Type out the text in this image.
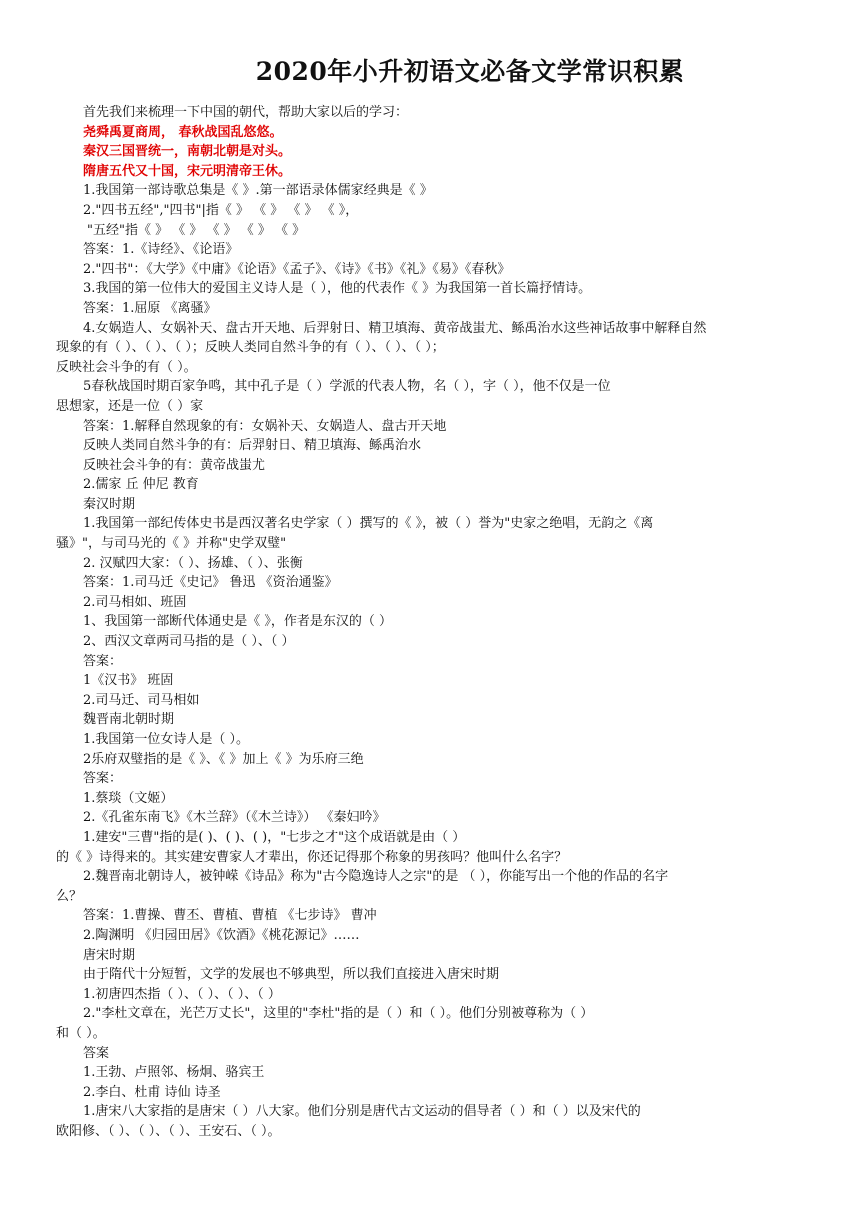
2020年小升初语文必备文学常识积累
首先我们来梳理一下中国的朝代，帮助大家以后的学习：
尧舜禹夏商周， 春秋战国乱悠悠。
秦汉三国晋统一，南朝北朝是对头。
隋唐五代又十国，宋元明清帝王休。
1.我国第一部诗歌总集是《 》.第一部语录体儒家经典是《 》
2."四书五经","四书"|指《 》 《 》 《 》 《 》，
"五经"指《 》 《 》 《 》 《 》 《 》
答案：1.《诗经》、《论语》
2."四书"：《大学》《中庸》《论语》《孟子》、《诗》《书》《礼》《易》《春秋》
3.我国的第一位伟大的爱国主义诗人是（ ），他的代表作《 》为我国第一首长篇抒情诗。
答案：1.屈原 《离骚》
4.女娲造人、女娲补天、盘古开天地、后羿射日、精卫填海、黄帝战蚩尤、鲧禹治水这些神话故事中解释自然
现象的有（ ）、（ ）、（ ）；反映人类同自然斗争的有（ ）、（ ）、（ ）；
反映社会斗争的有（ ）。
5春秋战国时期百家争鸣，其中孔子是（ ）学派的代表人物，名（ ），字（ ），他不仅是一位
思想家，还是一位（ ）家
答案：1.解释自然现象的有：女娲补天、女娲造人、盘古开天地
反映人类同自然斗争的有：后羿射日、精卫填海、鲧禹治水
反映社会斗争的有：黄帝战蚩尤
2.儒家 丘 仲尼 教育
秦汉时期
1.我国第一部纪传体史书是西汉著名史学家（ ）撰写的《 》，被（ ）誉为"史家之绝唱，无韵之《离
骚》"，与司马光的《 》并称"史学双璧"
2. 汉赋四大家：（ ）、扬雄、（ ）、张衡
答案：1.司马迁《史记》 鲁迅 《资治通鉴》
2.司马相如、班固
1、我国第一部断代体通史是《 》，作者是东汉的（ ）
2、西汉文章两司马指的是（ ）、（ ）
答案：
1《汉书》 班固
2.司马迁、司马相如
魏晋南北朝时期
1.我国第一位女诗人是（ ）。
2乐府双璧指的是《 》、《 》加上《 》为乐府三绝
答案：
1.蔡琰（文姬）
2.《孔雀东南飞》《木兰辞》（《木兰诗》） 《秦妇吟》
1.建安"三曹"指的是( )、( )、( )，"七步之才"这个成语就是由（ ）
的《 》诗得来的。其实建安曹家人才辈出，你还记得那个称象的男孩吗？他叫什么名字？
2.魏晋南北朝诗人，被钟嵘《诗品》称为"古今隐逸诗人之宗"的是 （ ），你能写出一个他的作品的名字
么？
答案：1.曹操、曹丕、曹植、曹植 《七步诗》 曹冲
2.陶渊明 《归园田居》《饮酒》《桃花源记》……
唐宋时期
由于隋代十分短暂，文学的发展也不够典型，所以我们直接进入唐宋时期
1.初唐四杰指（ ）、（ ）、（ ）、（ ）
2."李杜文章在，光芒万丈长"，这里的"李杜"指的是（ ）和（ ）。他们分别被尊称为（ ）
和（ ）。
答案
1.王勃、卢照邻、杨炯、骆宾王
2.李白、杜甫 诗仙 诗圣
1.唐宋八大家指的是唐宋（ ）八大家。他们分别是唐代古文运动的倡导者（ ）和（ ）以及宋代的
欧阳修、（ ）、（ ）、（ ）、王安石、（ ）。
